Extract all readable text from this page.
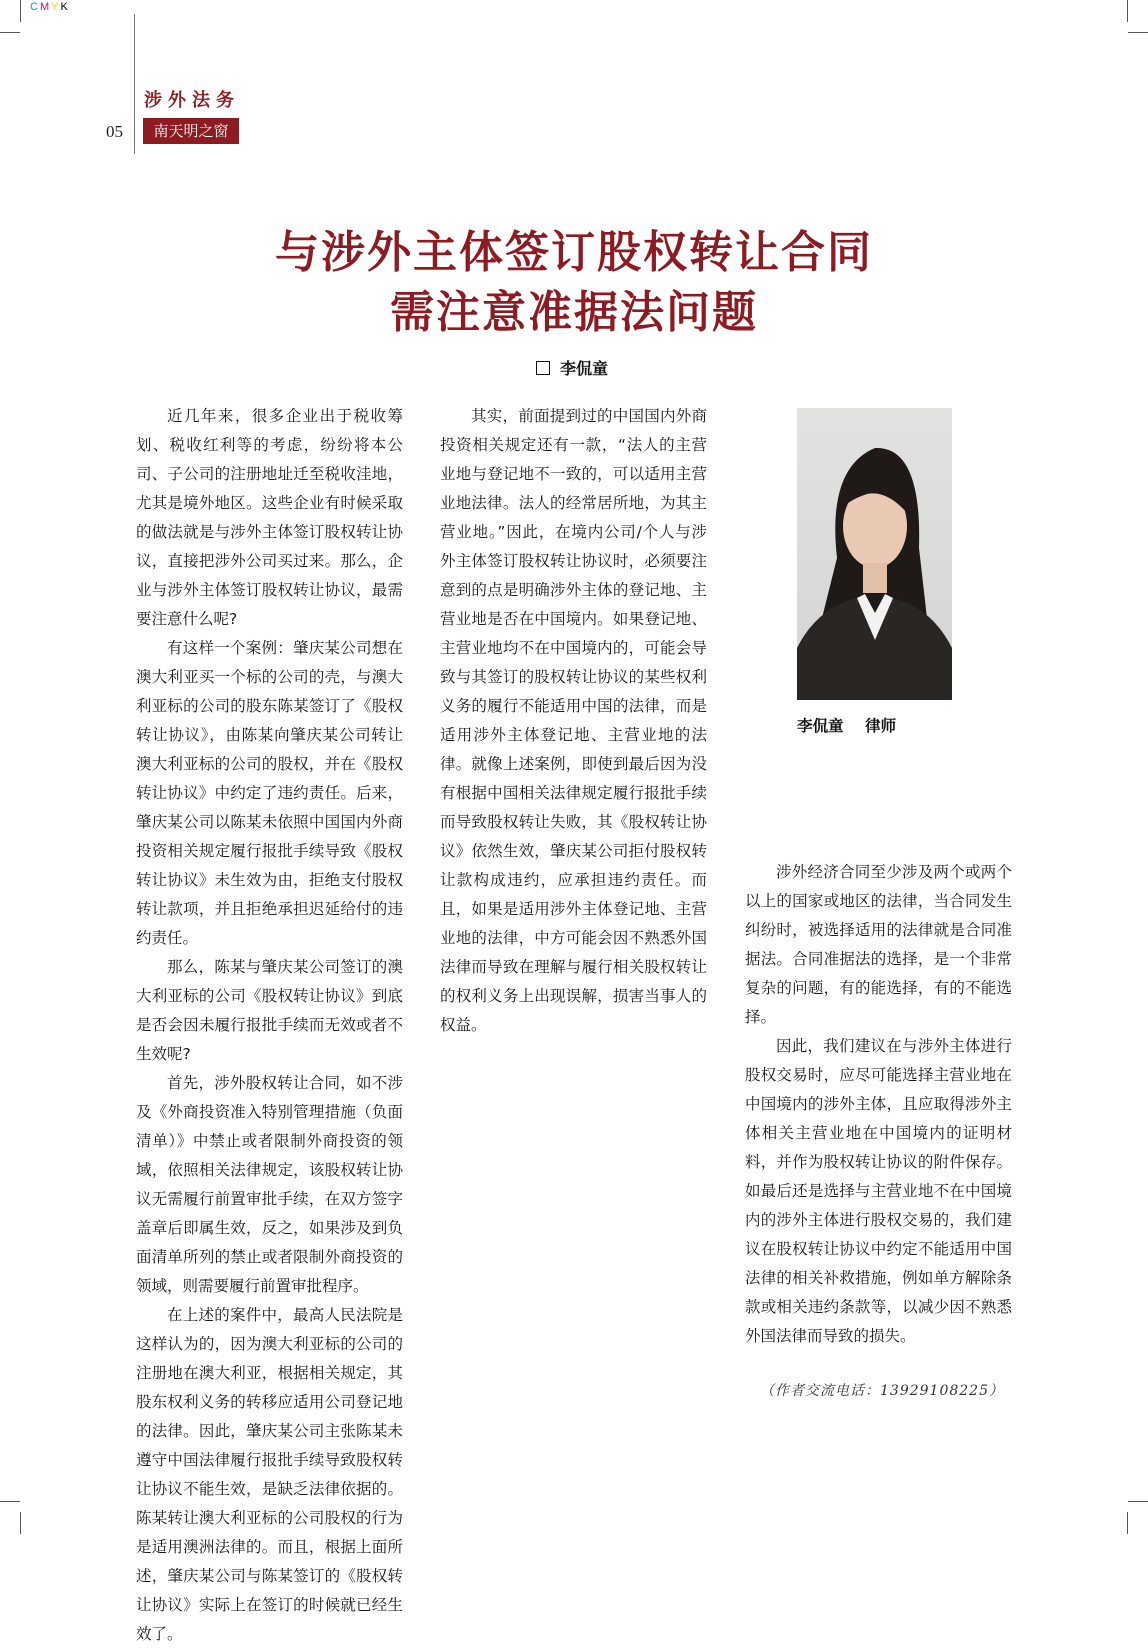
CMYK
涉外法务
05	南天明之窗
与涉外主体签订股权转让合同
需注意准据法问题
李侃童

近几年来，很多企业出于税收筹划、税收红利等的考虑，纷纷将本公司、子公司的注册地址迁至税收洼地，尤其是境外地区。这些企业有时候采取的做法就是与涉外主体签订股权转让协议，直接把涉外公司买过来。那么，企业与涉外主体签订股权转让协议，最需要注意什么呢?

有这样一个案例：肇庆某公司想在澳大利亚买一个标的公司的壳，与澳大利亚标的公司的股东陈某签订了《股权转让协议》，由陈某向肇庆某公司转让澳大利亚标的公司的股权，并在《股权转让协议》中约定了违约责任。后来，肇庆某公司以陈某未依照中国国内外商投资相关规定履行报批手续导致《股权转让协议》未生效为由，拒绝支付股权转让款项，并且拒绝承担迟延给付的违约责任。

那么，陈某与肇庆某公司签订的澳大利亚标的公司《股权转让协议》到底是否会因未履行报批手续而无效或者不生效呢?

首先，涉外股权转让合同，如不涉及《外商投资准入特别管理措施（负面清单）》中禁止或者限制外商投资的领域，依照相关法律规定，该股权转让协议无需履行前置审批手续，在双方签字盖章后即属生效，反之，如果涉及到负面清单所列的禁止或者限制外商投资的领域，则需要履行前置审批程序。

在上述的案件中，最高人民法院是这样认为的，因为澳大利亚标的公司的注册地在澳大利亚，根据相关规定，其股东权利义务的转移应适用公司登记地的法律。因此，肇庆某公司主张陈某未遵守中国法律履行报批手续导致股权转让协议不能生效，是缺乏法律依据的。陈某转让澳大利亚标的公司股权的行为是适用澳洲法律的。而且，根据上面所述，肇庆某公司与陈某签订的《股权转让协议》实际上在签订的时候就已经生效了。

其实，前面提到过的中国国内外商投资相关规定还有一款，“法人的主营业地与登记地不一致的，可以适用主营业地法律。法人的经常居所地，为其主营业地。”因此，在境内公司/个人与涉外主体签订股权转让协议时，必须要注意到的点是明确涉外主体的登记地、主营业地是否在中国境内。如果登记地、主营业地均不在中国境内的，可能会导致与其签订的股权转让协议的某些权利义务的履行不能适用中国的法律，而是适用涉外主体登记地、主营业地的法律。就像上述案例，即使到最后因为没有根据中国相关法律规定履行报批手续而导致股权转让失败，其《股权转让协议》依然生效，肇庆某公司拒付股权转让款构成违约，应承担违约责任。而且，如果是适用涉外主体登记地、主营业地的法律，中方可能会因不熟悉外国法律而导致在理解与履行相关股权转让的权利义务上出现误解，损害当事人的权益。

李侃童    律师

涉外经济合同至少涉及两个或两个以上的国家或地区的法律，当合同发生纠纷时，被选择适用的法律就是合同准据法。合同准据法的选择，是一个非常复杂的问题，有的能选择，有的不能选择。

因此，我们建议在与涉外主体进行股权交易时，应尽可能选择主营业地在中国境内的涉外主体，且应取得涉外主体相关主营业地在中国境内的证明材料，并作为股权转让协议的附件保存。如最后还是选择与主营业地不在中国境内的涉外主体进行股权交易的，我们建议在股权转让协议中约定不能适用中国法律的相关补救措施，例如单方解除条款或相关违约条款等，以减少因不熟悉外国法律而导致的损失。

（作者交流电话：13929108225）
